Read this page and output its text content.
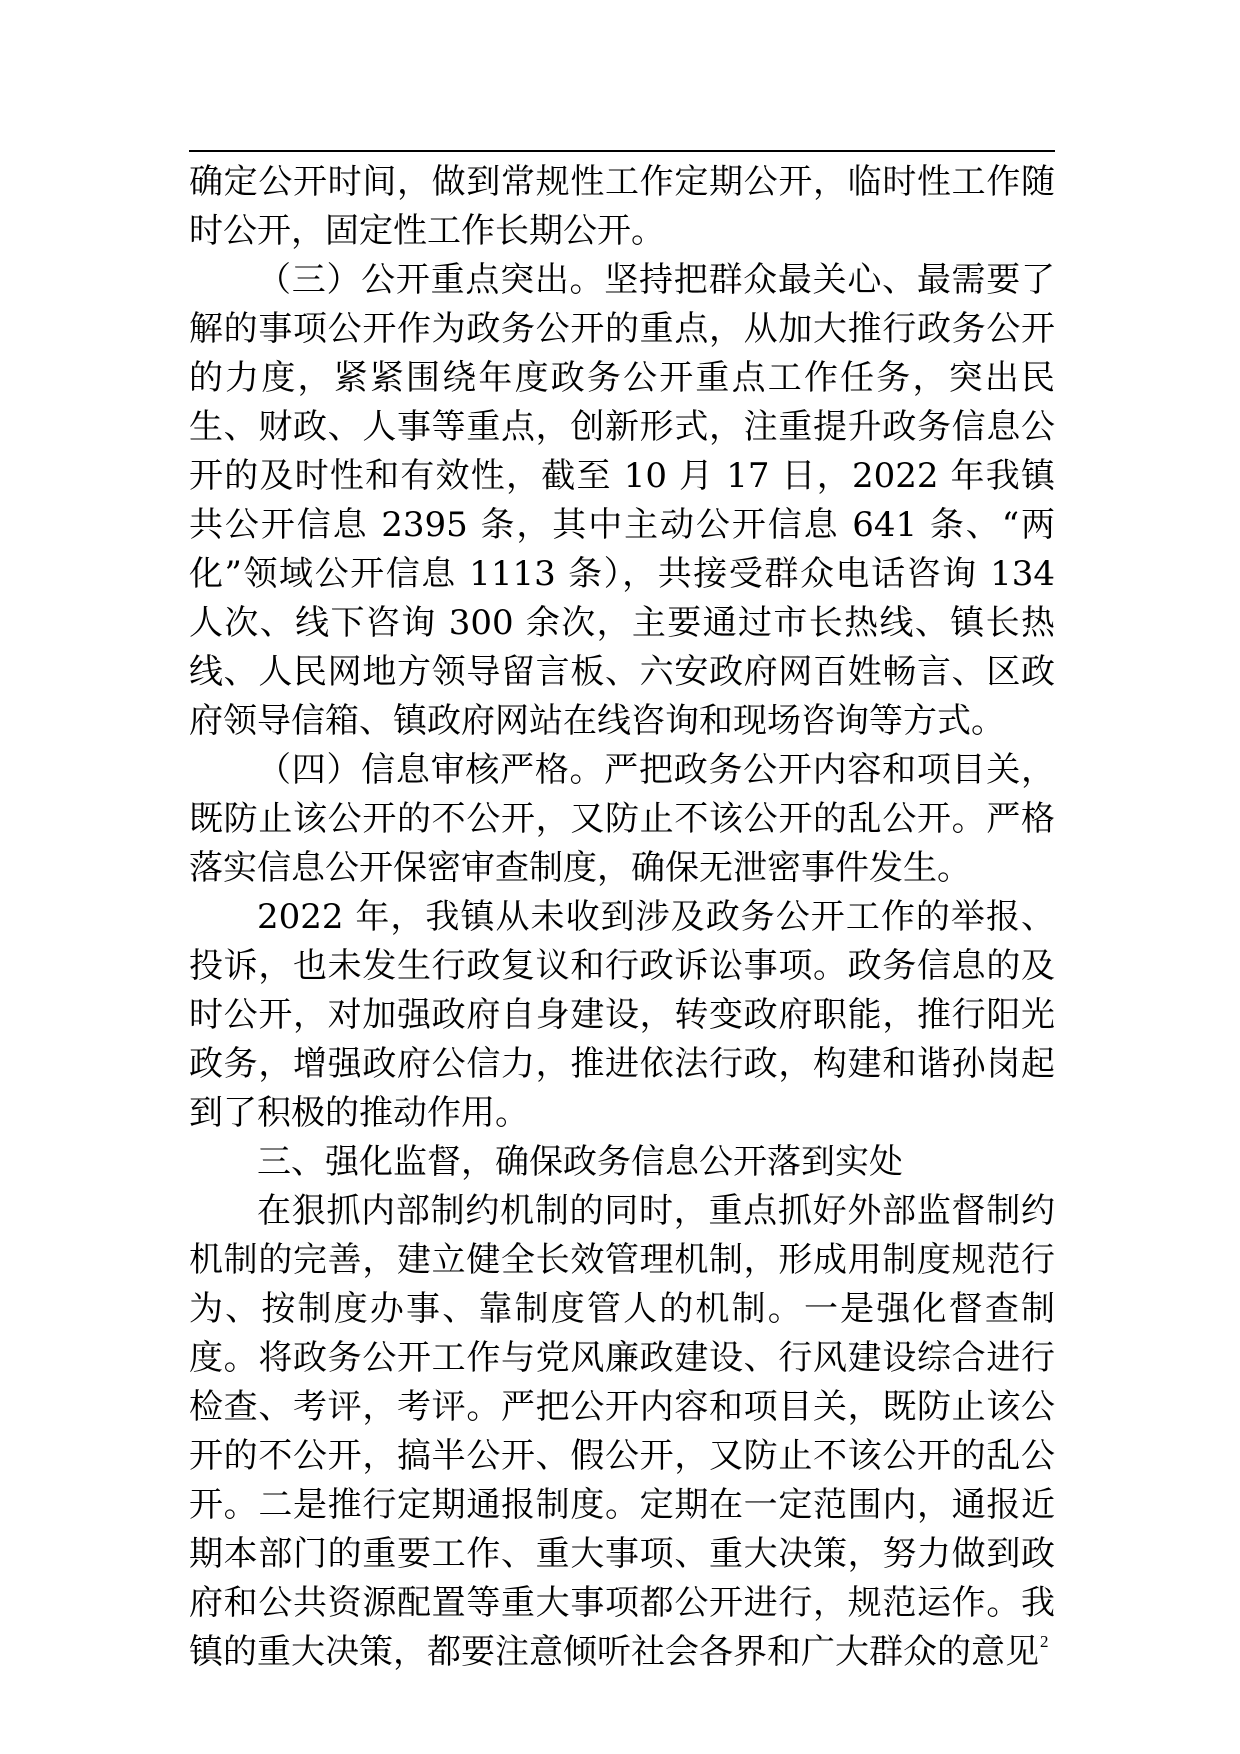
确定公开时间，做到常规性工作定期公开，临时性工作随时公开，固定性工作长期公开。

（三）公开重点突出。坚持把群众最关心、最需要了解的事项公开作为政务公开的重点，从加大推行政务公开的力度，紧紧围绕年度政务公开重点工作任务，突出民生、财政、人事等重点，创新形式，注重提升政务信息公开的及时性和有效性，截至 10 月 17 日，2022 年我镇共公开信息 2395 条，其中主动公开信息 641 条、“两化”领域公开信息 1113 条），共接受群众电话咨询 134 人次、线下咨询 300 余次，主要通过市长热线、镇长热线、人民网地方领导留言板、六安政府网百姓畅言、区政府领导信箱、镇政府网站在线咨询和现场咨询等方式。

（四）信息审核严格。严把政务公开内容和项目关，既防止该公开的不公开，又防止不该公开的乱公开。严格落实信息公开保密审查制度，确保无泄密事件发生。

2022 年，我镇从未收到涉及政务公开工作的举报、投诉，也未发生行政复议和行政诉讼事项。政务信息的及时公开，对加强政府自身建设，转变政府职能，推行阳光政务，增强政府公信力，推进依法行政，构建和谐孙岗起到了积极的推动作用。

三、强化监督，确保政务信息公开落到实处

在狠抓内部制约机制的同时，重点抓好外部监督制约机制的完善，建立健全长效管理机制，形成用制度规范行为、按制度办事、靠制度管人的机制。一是强化督查制度。将政务公开工作与党风廉政建设、行风建设综合进行检查、考评，考评。严把公开内容和项目关，既防止该公开的不公开，搞半公开、假公开，又防止不该公开的乱公开。二是推行定期通报制度。定期在一定范围内，通报近期本部门的重要工作、重大事项、重大决策，努力做到政府和公共资源配置等重大事项都公开进行，规范运作。我镇的重大决策，都要注意倾听社会各界和广大群众的意见 2
